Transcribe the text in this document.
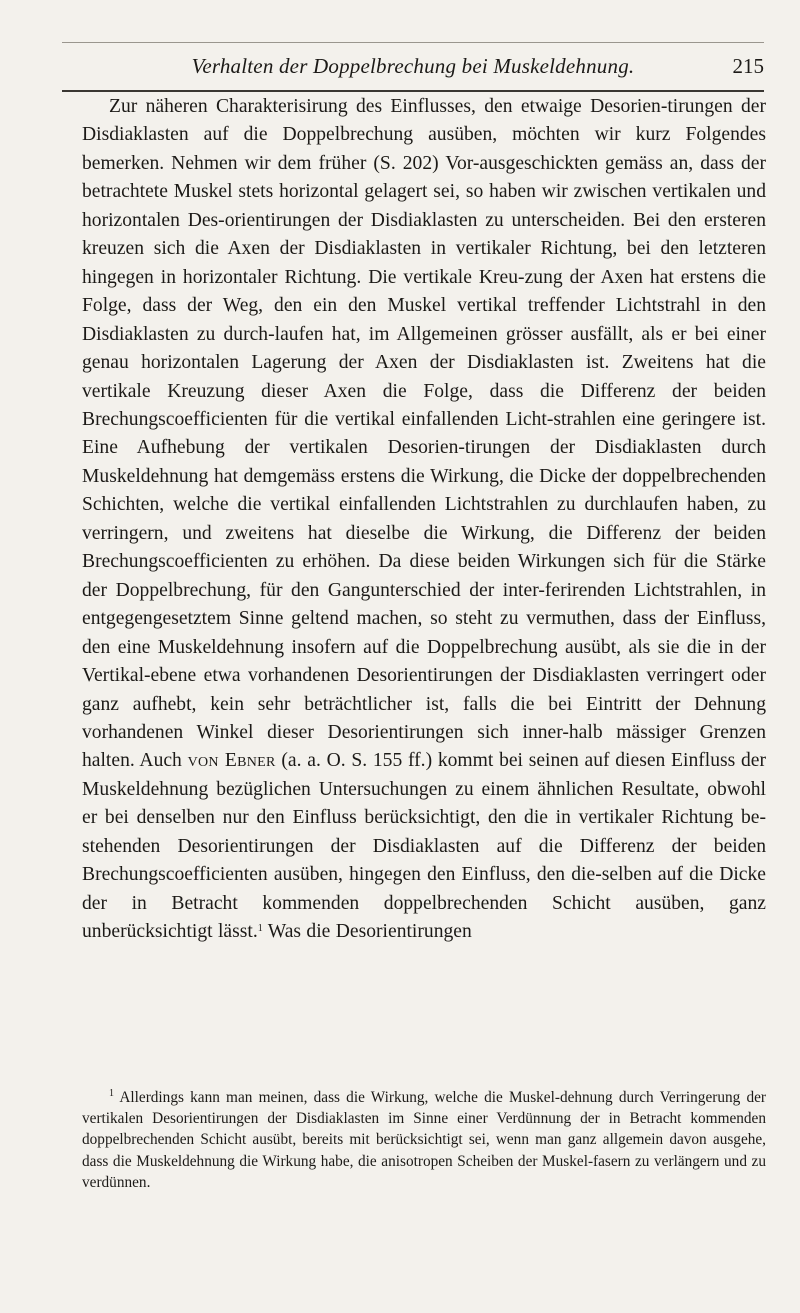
Verhalten der Doppelbrechung bei Muskeldehnung.	215
Zur näheren Charakterisirung des Einflusses, den etwaige Desorien-tirungen der Disdiaklasten auf die Doppelbrechung ausüben, möchten wir kurz Folgendes bemerken. Nehmen wir dem früher (S. 202) Vor-ausgeschickten gemäss an, dass der betrachtete Muskel stets horizontal gelagert sei, so haben wir zwischen vertikalen und horizontalen Des-orientirungen der Disdiaklasten zu unterscheiden. Bei den ersteren kreuzen sich die Axen der Disdiaklasten in vertikaler Richtung, bei den letzteren hingegen in horizontaler Richtung. Die vertikale Kreu-zung der Axen hat erstens die Folge, dass der Weg, den ein den Muskel vertikal treffender Lichtstrahl in den Disdiaklasten zu durch-laufen hat, im Allgemeinen grösser ausfällt, als er bei einer genau horizontalen Lagerung der Axen der Disdiaklasten ist. Zweitens hat die vertikale Kreuzung dieser Axen die Folge, dass die Differenz der beiden Brechungscoefficienten für die vertikal einfallenden Licht-strahlen eine geringere ist. Eine Aufhebung der vertikalen Desorien-tirungen der Disdiaklasten durch Muskeldehnung hat demgemäss erstens die Wirkung, die Dicke der doppelbrechenden Schichten, welche die vertikal einfallenden Lichtstrahlen zu durchlaufen haben, zu verringern, und zweitens hat dieselbe die Wirkung, die Differenz der beiden Brechungscoefficienten zu erhöhen. Da diese beiden Wirkungen sich für die Stärke der Doppelbrechung, für den Gangunterschied der inter-ferirenden Lichtstrahlen, in entgegengesetztem Sinne geltend machen, so steht zu vermuthen, dass der Einfluss, den eine Muskeldehnung insofern auf die Doppelbrechung ausübt, als sie die in der Vertikal-ebene etwa vorhandenen Desorientirungen der Disdiaklasten verringert oder ganz aufhebt, kein sehr beträchtlicher ist, falls die bei Eintritt der Dehnung vorhandenen Winkel dieser Desorientirungen sich inner-halb mässiger Grenzen halten. Auch von Ebner (a. a. O. S. 155 ff.) kommt bei seinen auf diesen Einfluss der Muskeldehnung bezüglichen Untersuchungen zu einem ähnlichen Resultate, obwohl er bei denselben nur den Einfluss berücksichtigt, den die in vertikaler Richtung be-stehenden Desorientirungen der Disdiaklasten auf die Differenz der beiden Brechungscoefficienten ausüben, hingegen den Einfluss, den die-selben auf die Dicke der in Betracht kommenden doppelbrechenden Schicht ausüben, ganz unberücksichtigt lässt.$^1$ Was die Desorientirungen
$^1$ Allerdings kann man meinen, dass die Wirkung, welche die Muskel-dehnung durch Verringerung der vertikalen Desorientirungen der Disdiaklasten im Sinne einer Verdünnung der in Betracht kommenden doppelbrechenden Schicht ausübt, bereits mit berücksichtigt sei, wenn man ganz allgemein davon ausgehe, dass die Muskeldehnung die Wirkung habe, die anisotropen Scheiben der Muskel-fasern zu verlängern und zu verdünnen.
